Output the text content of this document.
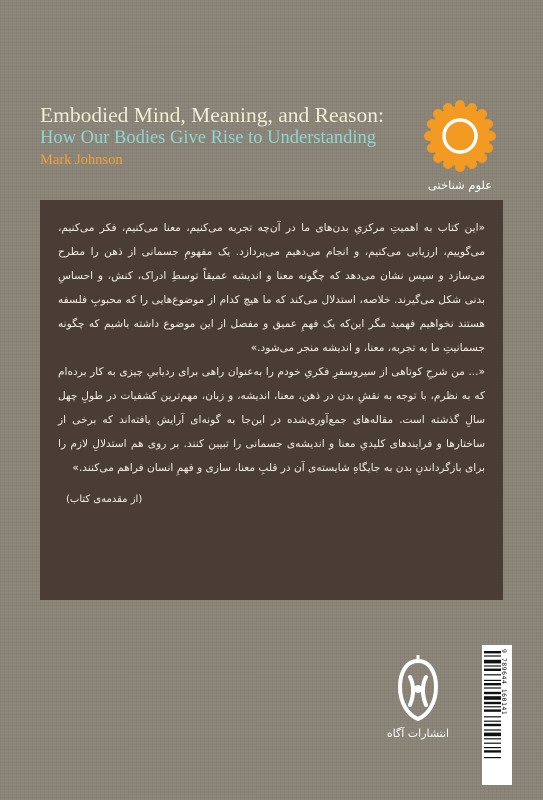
Embodied Mind, Meaning, and Reason:
How Our Bodies Give Rise to Understanding
Mark Johnson
علوم شناختی

«این کتاب به اهمیتِ مرکزیِ بدن‌های ما در آن‌چه تجربه می‌کنیم، معنا می‌کنیم، فکر می‌کنیم، می‌گوییم، ارزیابی می‌کنیم، و انجام می‌دهیم می‌پردازد. یک مفهومِ جسمانی از ذهن را مطرح می‌سازد و سپس نشان می‌دهد که چگونه معنا و اندیشه عمیقاً توسطِ ادراک، کنش، و احساسِ بدنی شکل می‌گیرند. خلاصه، استدلال می‌کند که ما هیچ کدام از موضوع‌هایی را که محبوبِ فلسفه هستند نخواهیم فهمید مگر این‌که یک فهمِ عمیق و مفصل از این موضوع داشته باشیم که چگونه جسمانیتِ ما به تجربه، معنا، و اندیشه منجر می‌شود.»

«... من شرحِ کوتاهی از سیروسفرِ فکریِ خودم را به‌عنوان راهی برای ردیابیِ چیزی به کار برده‌ام که به نظرم، با توجه به نقشِ بدن در ذهن، معنا، اندیشه، و زبان، مهم‌ترین کشفیات در طولِ چهل سالِ گذشته است. مقاله‌های جمع‌آوری‌شده در این‌جا به گونه‌ای آرایش یافته‌اند که برخی از ساختارها و فرایندهای کلیدیِ معنا و اندیشه‌ی جسمانی را تبیین کنند. بر روی هم استدلالِ لازم را برای بازگرداندنِ بدن به جایگاهِ شایسته‌ی آن در قلبِ معنا، سازی و فهمِ انسان فراهم می‌کنند.»

(از مقدمه‌ی کتاب)
انتشارات آگاه
9 789644 160141
